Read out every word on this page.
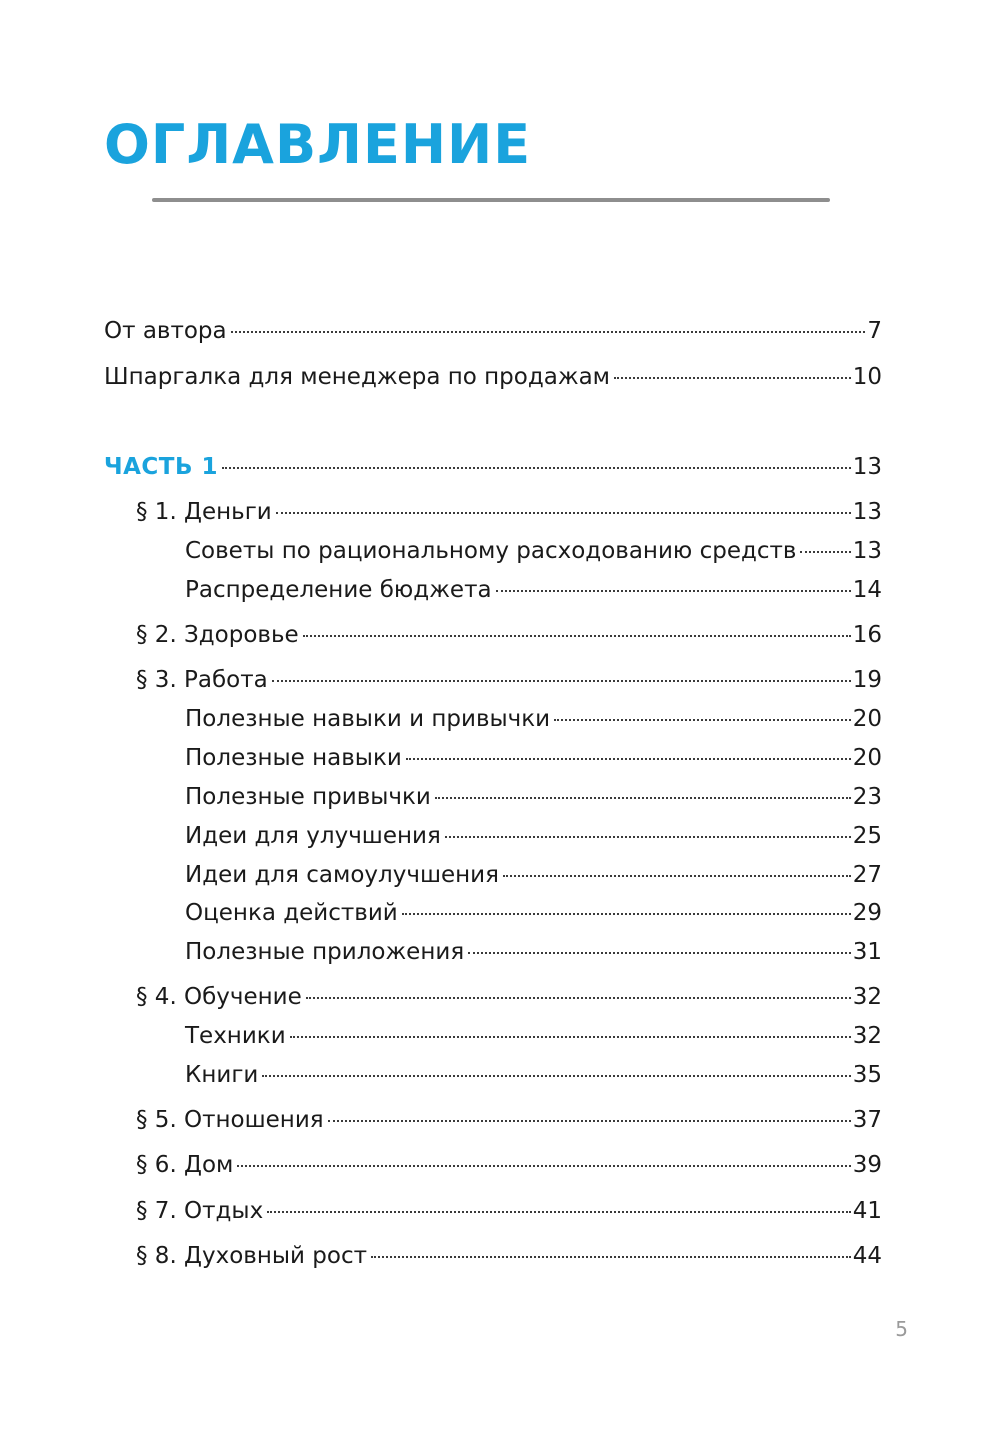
ОГЛАВЛЕНИЕ
От автора	7
Шпаргалка для менеджера по продажам	10
ЧАСТЬ 1	13
§ 1. Деньги	13
Советы по рациональному расходованию средств 13
Распределение бюджета	14
§ 2. Здоровье	16
§ 3. Работа	19
Полезные навыки и привычки	20
Полезные навыки	20
Полезные привычки	23
Идеи для улучшения	25
Идеи для самоулучшения	27
Оценка действий	29
Полезные приложения	31
§ 4. Обучение	32
Техники	32
Книги	35
§ 5. Отношения	37
§ 6. Дом	39
§ 7. Отдых	41
§ 8. Духовный рост	44
5
